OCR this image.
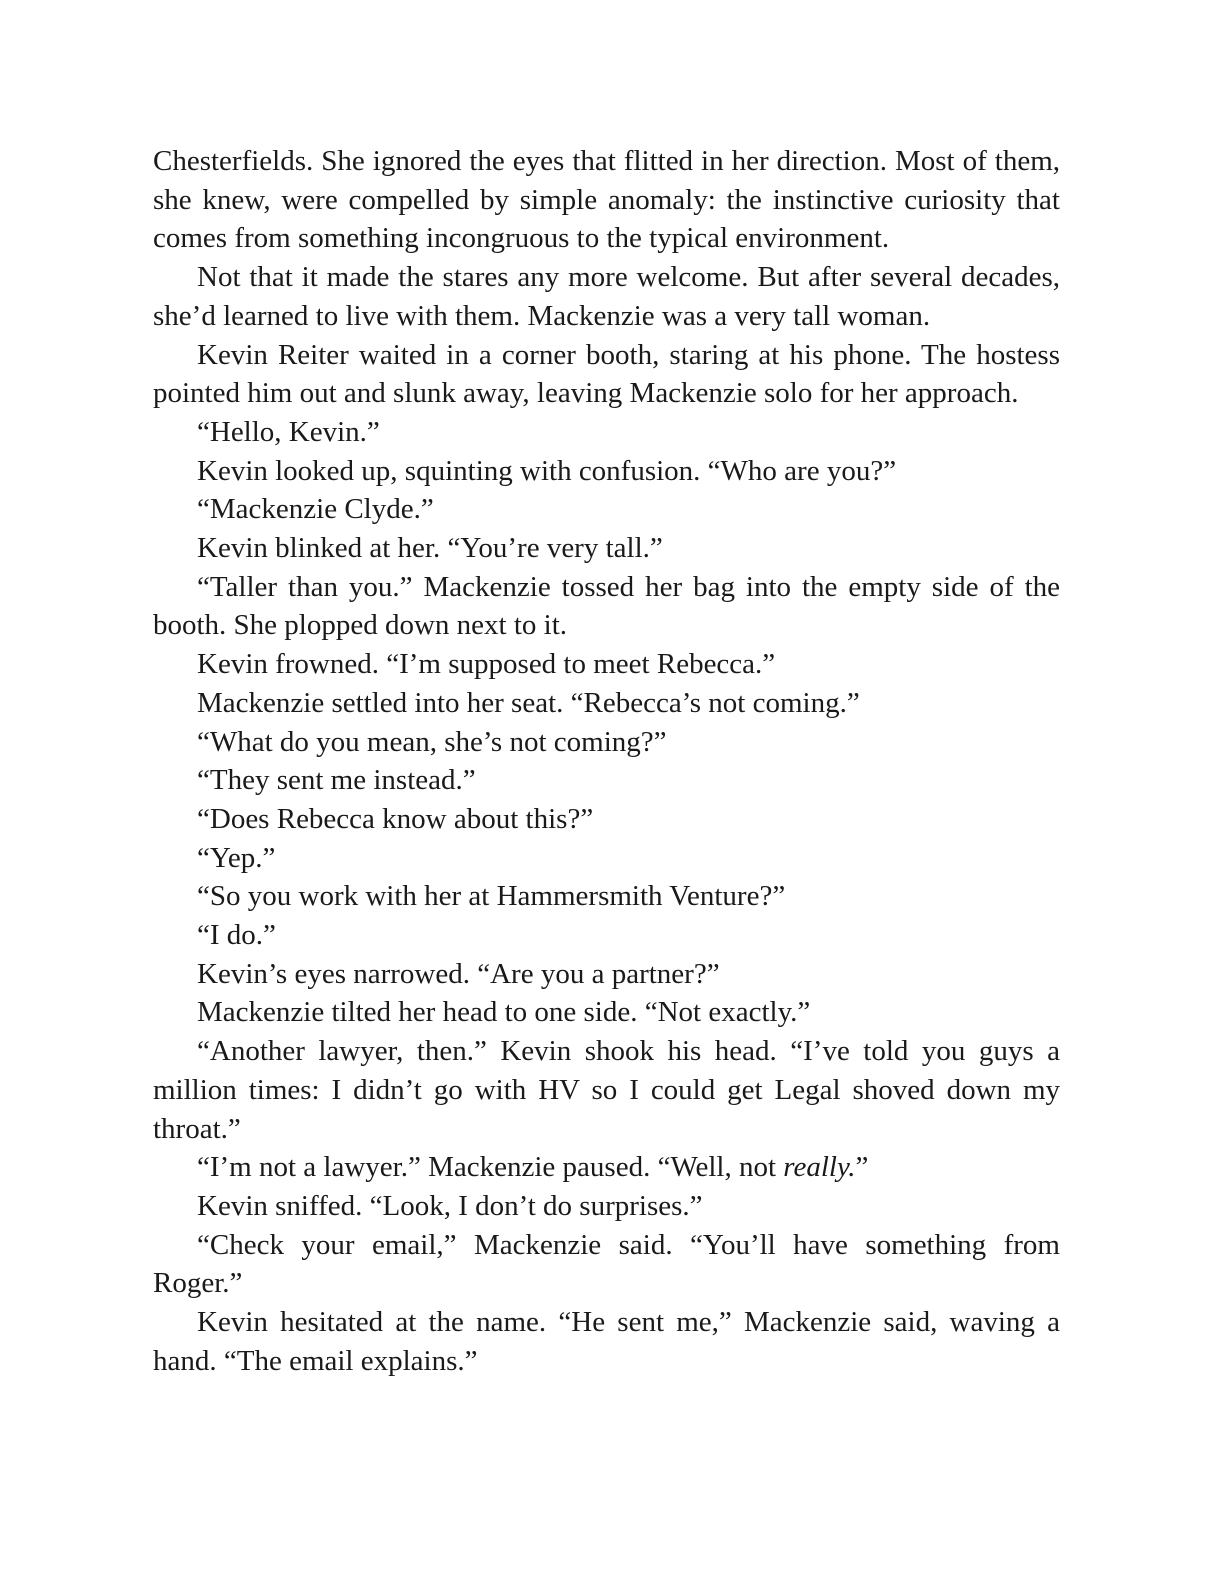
Chesterfields. She ignored the eyes that flitted in her direction. Most of them, she knew, were compelled by simple anomaly: the instinctive curiosity that comes from something incongruous to the typical environment.

Not that it made the stares any more welcome. But after several decades, she’d learned to live with them. Mackenzie was a very tall woman.

Kevin Reiter waited in a corner booth, staring at his phone. The hostess pointed him out and slunk away, leaving Mackenzie solo for her approach.

“Hello, Kevin.”

Kevin looked up, squinting with confusion. “Who are you?”

“Mackenzie Clyde.”

Kevin blinked at her. “You’re very tall.”

“Taller than you.” Mackenzie tossed her bag into the empty side of the booth. She plopped down next to it.

Kevin frowned. “I’m supposed to meet Rebecca.”

Mackenzie settled into her seat. “Rebecca’s not coming.”

“What do you mean, she’s not coming?”

“They sent me instead.”

“Does Rebecca know about this?”

“Yep.”

“So you work with her at Hammersmith Venture?”

“I do.”

Kevin’s eyes narrowed. “Are you a partner?”

Mackenzie tilted her head to one side. “Not exactly.”

“Another lawyer, then.” Kevin shook his head. “I’ve told you guys a million times: I didn’t go with HV so I could get Legal shoved down my throat.”

“I’m not a lawyer.” Mackenzie paused. “Well, not really.”

Kevin sniffed. “Look, I don’t do surprises.”

“Check your email,” Mackenzie said. “You’ll have something from Roger.”

Kevin hesitated at the name. “He sent me,” Mackenzie said, waving a hand. “The email explains.”
